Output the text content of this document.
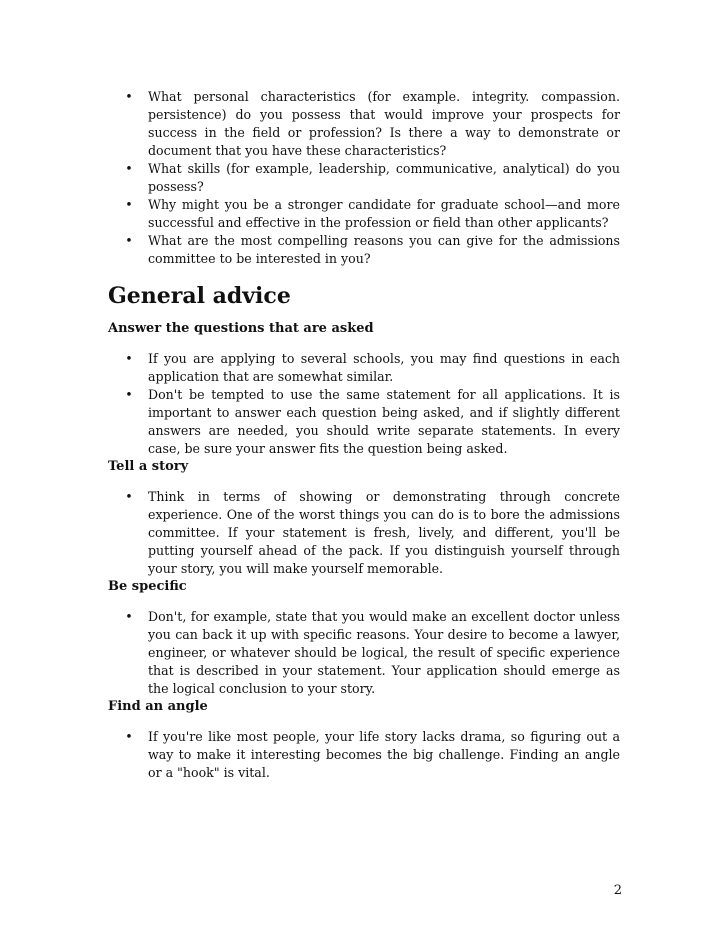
• What personal characteristics (for example. integrity. compassion. persistence) do you possess that would improve your prospects for success in the field or profession? Is there a way to demonstrate or document that you have these characteristics?
• What skills (for example, leadership, communicative, analytical) do you possess?
• Why might you be a stronger candidate for graduate school—and more successful and effective in the profession or field than other applicants?
• What are the most compelling reasons you can give for the admissions committee to be interested in you?
General advice
Answer the questions that are asked
• If you are applying to several schools, you may find questions in each application that are somewhat similar.
• Don't be tempted to use the same statement for all applications. It is important to answer each question being asked, and if slightly different answers are needed, you should write separate statements. In every case, be sure your answer fits the question being asked.
Tell a story
• Think in terms of showing or demonstrating through concrete experience. One of the worst things you can do is to bore the admissions committee. If your statement is fresh, lively, and different, you'll be putting yourself ahead of the pack. If you distinguish yourself through your story, you will make yourself memorable.
Be specific
• Don't, for example, state that you would make an excellent doctor unless you can back it up with specific reasons. Your desire to become a lawyer, engineer, or whatever should be logical, the result of specific experience that is described in your statement. Your application should emerge as the logical conclusion to your story.
Find an angle
• If you're like most people, your life story lacks drama, so figuring out a way to make it interesting becomes the big challenge. Finding an angle or a "hook" is vital.
2
